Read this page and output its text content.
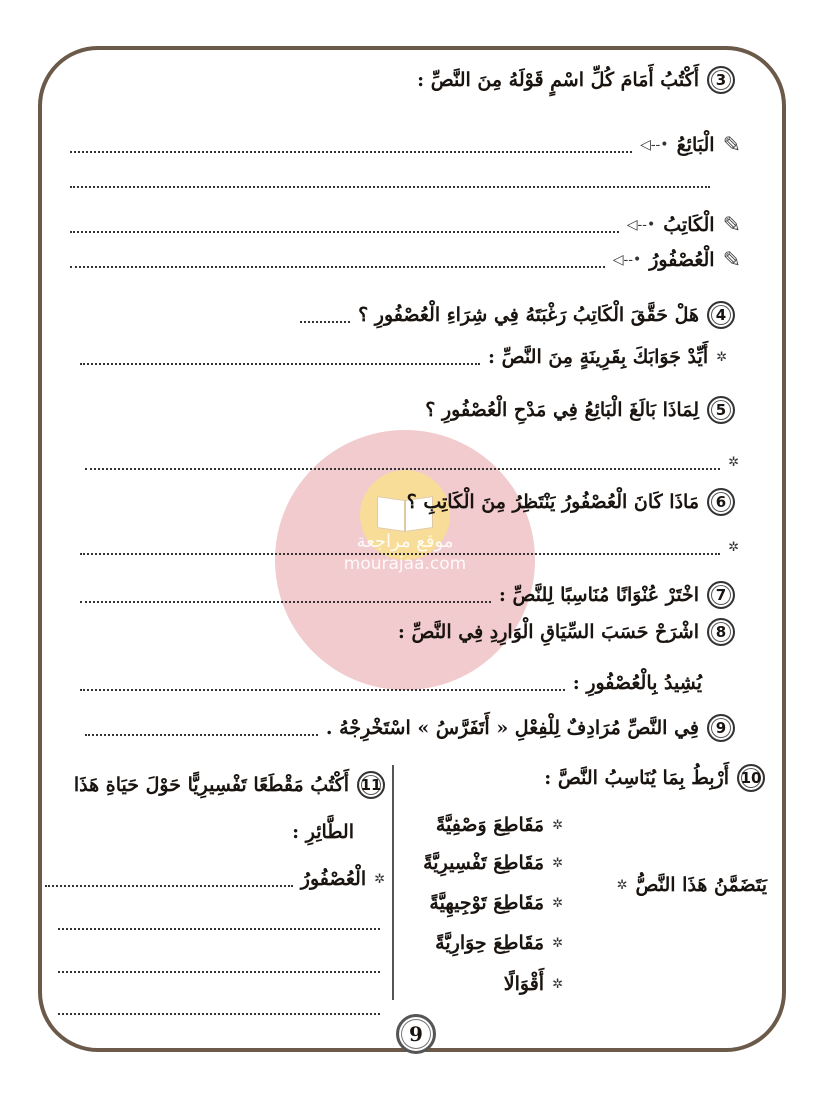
موقع مراجعة
mourajaa.com
3
أَكْتُبُ أَمَامَ كُلِّ اسْمٍ قَوْلَهُ مِنَ النَّصِّ :
✎
الْبَائِعُ
•--◁
✎
الْكَاتِبُ
•--◁
✎
الْعُصْفُورُ
•--◁
4
هَلْ حَقَّقَ الْكَاتِبُ رَغْبَتَهُ فِي شِرَاءِ الْعُصْفُورِ ؟
✲
أَيِّدْ جَوَابَكَ بِقَرِينَةٍ مِنَ النَّصِّ :
5
لِمَاذَا بَالَغَ الْبَائِعُ فِي مَدْحِ الْعُصْفُورِ ؟
✲
6
مَاذَا كَانَ الْعُصْفُورُ يَنْتَظِرُ مِنَ الْكَاتِبِ ؟
✲
7
اخْتَرْ عُنْوَانًا مُنَاسِبًا لِلنَّصِّ :
8
اشْرَحْ حَسَبَ السِّيَاقِ الْوَارِدِ فِي النَّصِّ :
يُشِيدُ بِالْعُصْفُورِ :
9
فِي النَّصِّ مُرَادِفٌ لِلْفِعْلِ « أَتَفَرَّسُ » اسْتَخْرِجْهُ .
10
أَرْبِطُ بِمَا يُنَاسِبُ النَّصَّ :
يَتَضَمَّنُ هَذَا النَّصُّ
✲
✲
مَقَاطِعَ وَصْفِيَّةً
✲
مَقَاطِعَ تَفْسِيرِيَّةً
✲
مَقَاطِعَ تَوْجِيهِيَّةً
✲
مَقَاطِعَ حِوَارِيَّةً
✲
أَقْوَالًا
11
أَكْتُبُ مَقْطَعًا تَفْسِيرِيًّا حَوْلَ حَيَاةِ هَذَا
الطَّائِرِ :
✲
الْعُصْفُورُ
9
